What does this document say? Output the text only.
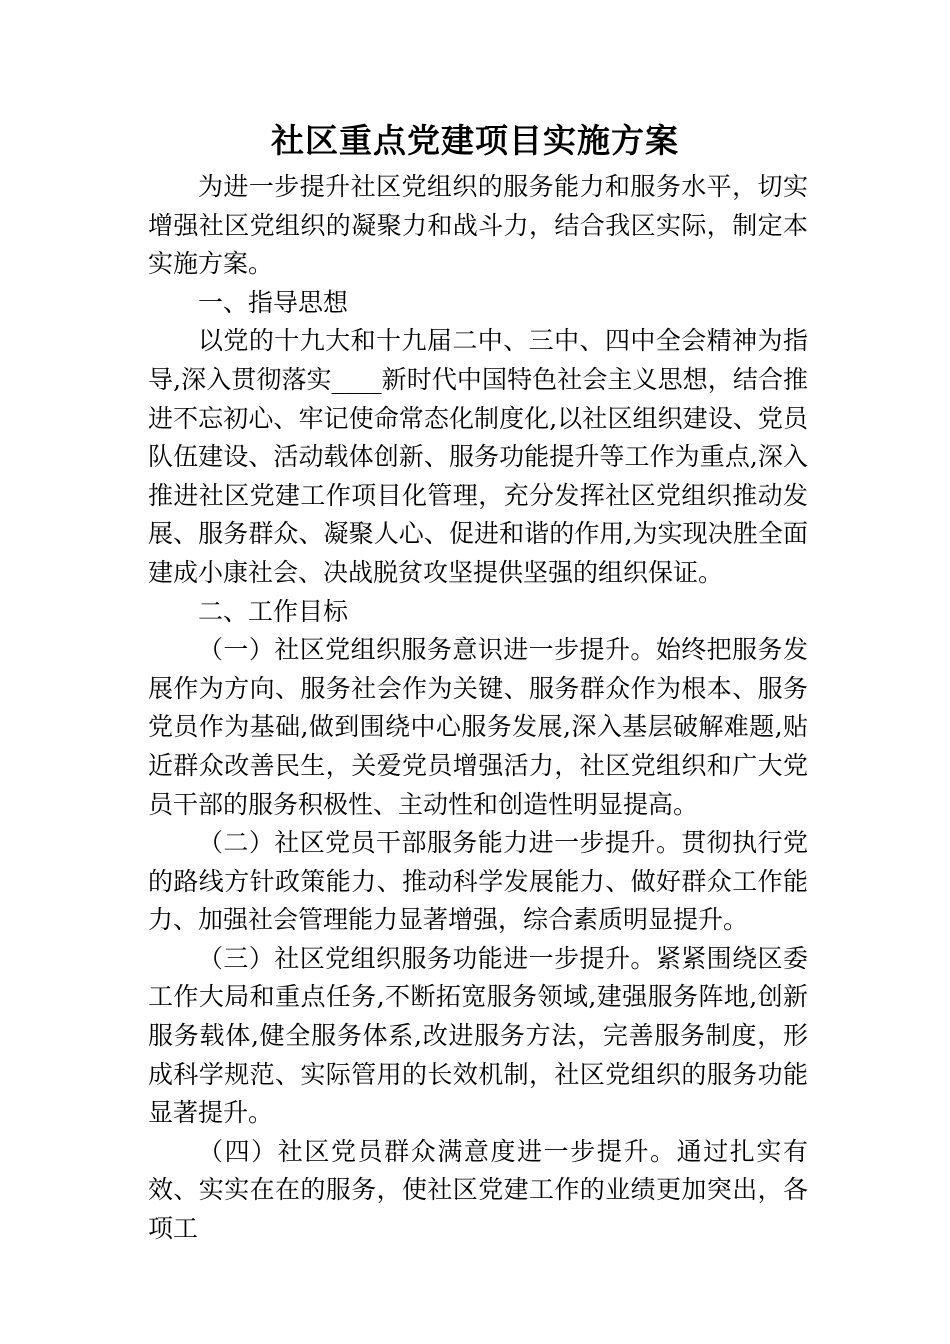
社区重点党建项目实施方案

为进一步提升社区党组织的服务能力和服务水平，切实增强社区党组织的凝聚力和战斗力，结合我区实际，制定本实施方案。

一、指导思想

以党的十九大和十九届二中、三中、四中全会精神为指导,深入贯彻落实____新时代中国特色社会主义思想，结合推进不忘初心、牢记使命常态化制度化,以社区组织建设、党员队伍建设、活动载体创新、服务功能提升等工作为重点,深入推进社区党建工作项目化管理，充分发挥社区党组织推动发展、服务群众、凝聚人心、促进和谐的作用,为实现决胜全面建成小康社会、决战脱贫攻坚提供坚强的组织保证。

二、工作目标

（一）社区党组织服务意识进一步提升。始终把服务发展作为方向、服务社会作为关键、服务群众作为根本、服务党员作为基础,做到围绕中心服务发展,深入基层破解难题,贴近群众改善民生，关爱党员增强活力，社区党组织和广大党员干部的服务积极性、主动性和创造性明显提高。

（二）社区党员干部服务能力进一步提升。贯彻执行党的路线方针政策能力、推动科学发展能力、做好群众工作能力、加强社会管理能力显著增强，综合素质明显提升。

（三）社区党组织服务功能进一步提升。紧紧围绕区委工作大局和重点任务,不断拓宽服务领域,建强服务阵地,创新服务载体,健全服务体系,改进服务方法，完善服务制度，形成科学规范、实际管用的长效机制，社区党组织的服务功能显著提升。

（四）社区党员群众满意度进一步提升。通过扎实有效、实实在在的服务，使社区党建工作的业绩更加突出，各项工
